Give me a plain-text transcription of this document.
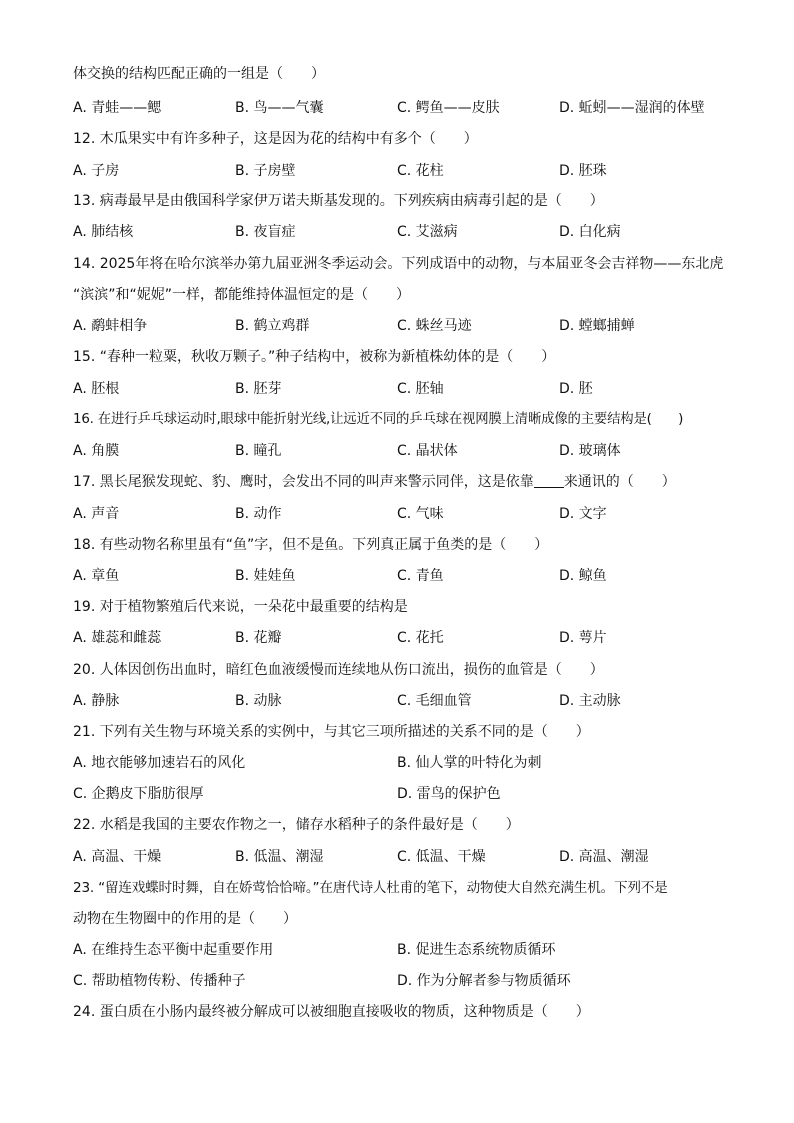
体交换的结构匹配正确的一组是（　　）
A. 青蛙——鳃	B. 鸟——气囊	C. 鳄鱼——皮肤	D. 蚯蚓——湿润的体壁
12. 木瓜果实中有许多种子，这是因为花的结构中有多个（　　）
A. 子房	B. 子房壁	C. 花柱	D. 胚珠
13. 病毒最早是由俄国科学家伊万诺夫斯基发现的。下列疾病由病毒引起的是（　　）
A. 肺结核	B. 夜盲症	C. 艾滋病	D. 白化病
14. 2025年将在哈尔滨举办第九届亚洲冬季运动会。下列成语中的动物，与本届亚冬会吉祥物——东北虎
“滨滨”和“妮妮”一样，都能维持体温恒定的是（　　）
A. 鹬蚌相争	B. 鹤立鸡群	C. 蛛丝马迹	D. 螳螂捕蝉
15. “春种一粒粟，秋收万颗子。”种子结构中，被称为新植株幼体的是（　　）
A. 胚根	B. 胚芽	C. 胚轴	D. 胚
16. 在进行乒乓球运动时,眼球中能折射光线,让远近不同的乒乓球在视网膜上清晰成像的主要结构是(　　)
A. 角膜	B. 瞳孔	C. 晶状体	D. 玻璃体
17. 黑长尾猴发现蛇、豹、鹰时，会发出不同的叫声来警示同伴，这是依靠 来通讯的（　　）
A. 声音	B. 动作	C. 气味	D. 文字
18. 有些动物名称里虽有“鱼”字，但不是鱼。下列真正属于鱼类的是（　　）
A. 章鱼	B. 娃娃鱼	C. 青鱼	D. 鲸鱼
19. 对于植物繁殖后代来说，一朵花中最重要的结构是
A. 雄蕊和雌蕊	B. 花瓣	C. 花托	D. 萼片
20. 人体因创伤出血时，暗红色血液缓慢而连续地从伤口流出，损伤的血管是（　　）
A. 静脉	B. 动脉	C. 毛细血管	D. 主动脉
21. 下列有关生物与环境关系的实例中，与其它三项所描述的关系不同的是（　　）
A. 地衣能够加速岩石的风化	B. 仙人掌的叶特化为刺
C. 企鹅皮下脂肪很厚	D. 雷鸟的保护色
22. 水稻是我国的主要农作物之一，储存水稻种子的条件最好是（　　）
A. 高温、干燥	B. 低温、潮湿	C. 低温、干燥	D. 高温、潮湿
23. “留连戏蝶时时舞，自在娇莺恰恰啼。”在唐代诗人杜甫的笔下，动物使大自然充满生机。下列不是
动物在生物圈中的作用的是（　　）
A. 在维持生态平衡中起重要作用	B. 促进生态系统物质循环
C. 帮助植物传粉、传播种子	D. 作为分解者参与物质循环
24. 蛋白质在小肠内最终被分解成可以被细胞直接吸收的物质，这种物质是（　　）
